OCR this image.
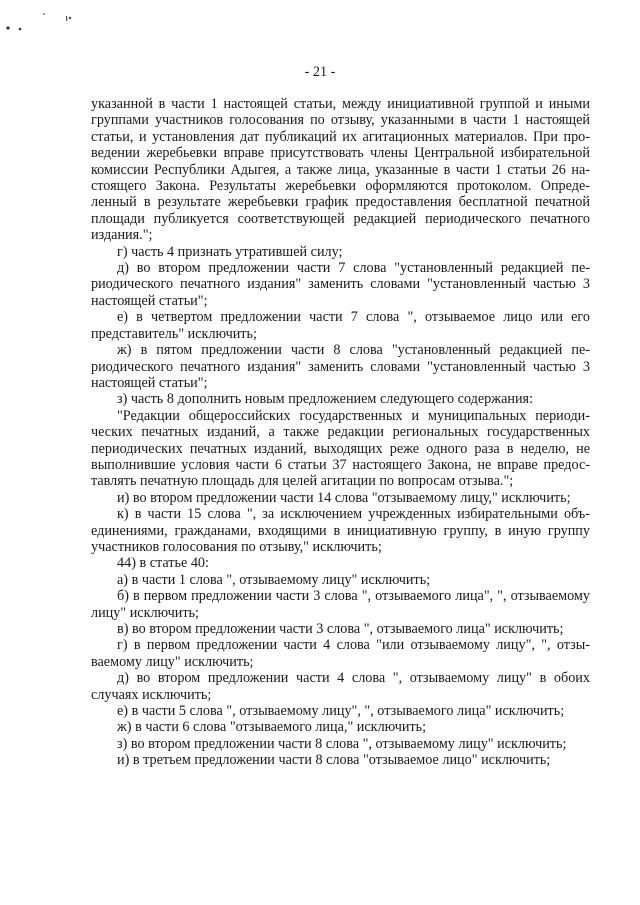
- 21 -

указанной в части 1 настоящей статьи, между инициативной группой и иными группами участников голосования по отзыву, указанными в части 1 настоящей статьи, и установления дат публикаций их агитационных материалов. При проведении жеребьевки вправе присутствовать члены Центральной избирательной комиссии Республики Адыгея, а также лица, указанные в части 1 статьи 26 настоящего Закона. Результаты жеребьевки оформляются протоколом. Определенный в результате жеребьевки график предоставления бесплатной печатной площади публикуется соответствующей редакцией периодического печатного издания.";

г) часть 4 признать утратившей силу;

д) во втором предложении части 7 слова "установленный редакцией периодического печатного издания" заменить словами "установленный частью 3 настоящей статьи";

е) в четвертом предложении части 7 слова ", отзываемое лицо или его представитель" исключить;

ж) в пятом предложении части 8 слова "установленный редакцией периодического печатного издания" заменить словами "установленный частью 3 настоящей статьи";

з) часть 8 дополнить новым предложением следующего содержания:

"Редакции общероссийских государственных и муниципальных периодических печатных изданий, а также редакции региональных государственных периодических печатных изданий, выходящих реже одного раза в неделю, не выполнившие условия части 6 статьи 37 настоящего Закона, не вправе предоставлять печатную площадь для целей агитации по вопросам отзыва.";

и) во втором предложении части 14 слова "отзываемому лицу," исключить;

к) в части 15 слова ", за исключением учрежденных избирательными объединениями, гражданами, входящими в инициативную группу, в иную группу участников голосования по отзыву," исключить;

44) в статье 40:

а) в части 1 слова ", отзываемому лицу" исключить;

б) в первом предложении части 3 слова ", отзываемого лица", ", отзываемому лицу" исключить;

в) во втором предложении части 3 слова ", отзываемого лица" исключить;

г) в первом предложении части 4 слова "или отзываемому лицу", ", отзываемому лицу" исключить;

д) во втором предложении части 4 слова ", отзываемому лицу" в обоих случаях исключить;

е) в части 5 слова ", отзываемому лицу", ", отзываемого лица" исключить;

ж) в части 6 слова "отзываемого лица," исключить;

з) во втором предложении части 8 слова ", отзываемому лицу" исключить;

и) в третьем предложении части 8 слова "отзываемое лицо" исключить;
